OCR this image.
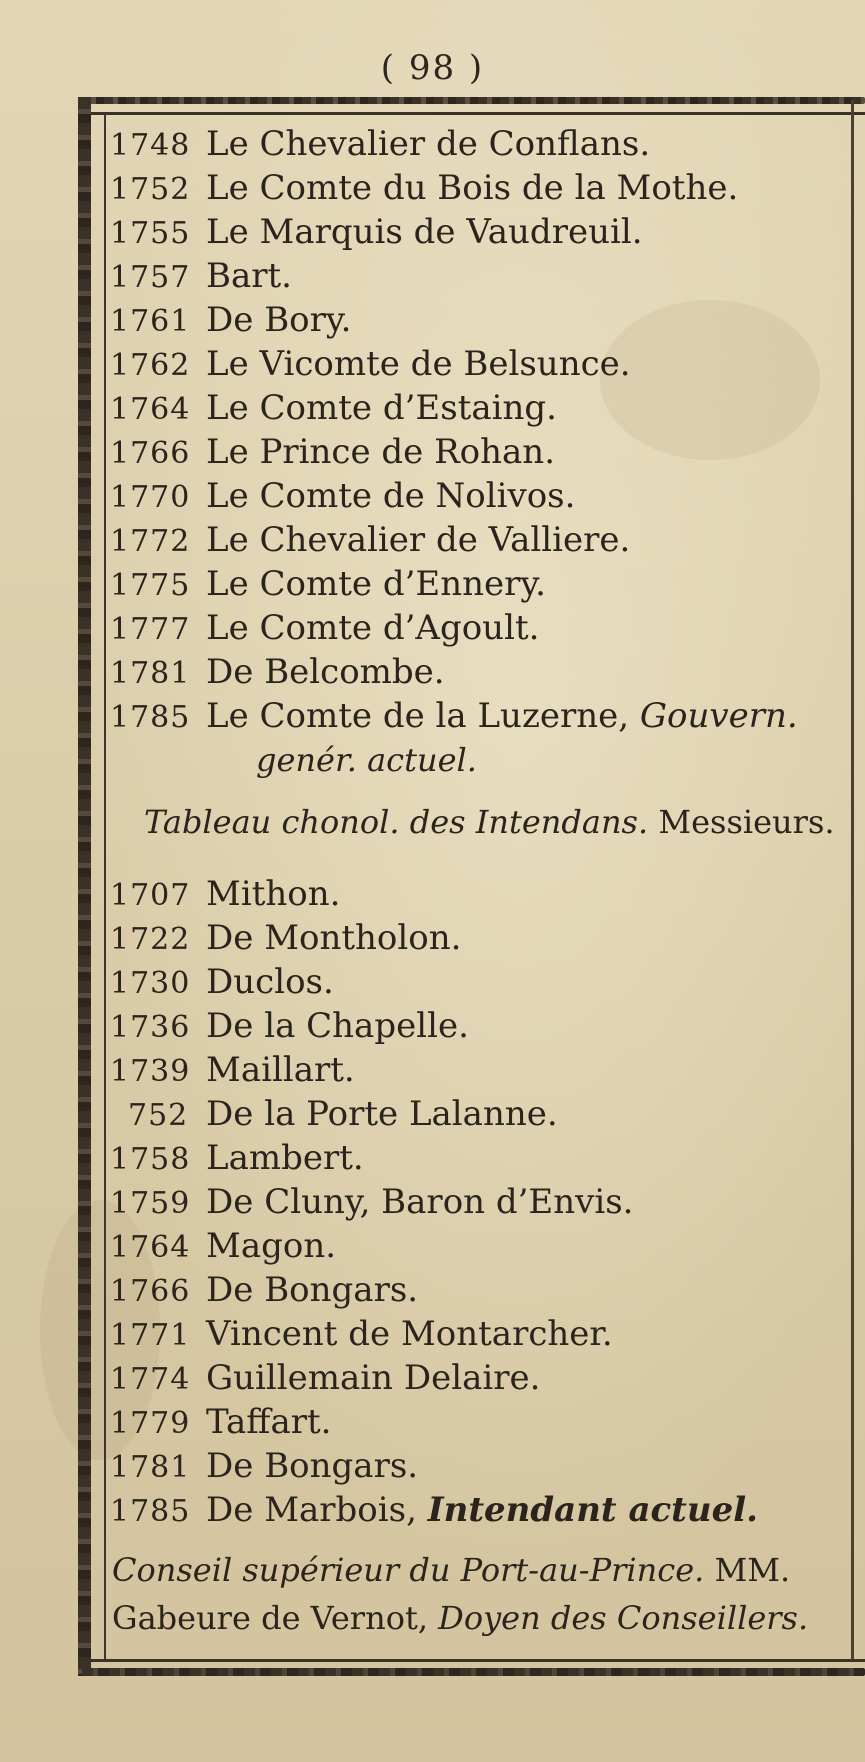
( 98 )
1748 Le Chevalier de Conflans.
1752 Le Comte du Bois de la Mothe.
1755 Le Marquis de Vaudreuil.
1757 Bart.
1761 De Bory.
1762 Le Vicomte de Belsunce.
1764 Le Comte d’Estaing.
1766 Le Prince de Rohan.
1770 Le Comte de Nolivos.
1772 Le Chevalier de Valliere.
1775 Le Comte d’Ennery.
1777 Le Comte d’Agoult.
1781 De Belcombe.
1785 Le Comte de la Luzerne, Gouvern.
genér. actuel.
Tableau chonol. des Intendans. Messieurs.
1707 Mithon.
1722 De Montholon.
1730 Duclos.
1736 De la Chapelle.
1739 Maillart.
752 De la Porte Lalanne.
1758 Lambert.
1759 De Cluny, Baron d’Envis.
1764 Magon.
1766 De Bongars.
1771 Vincent de Montarcher.
1774 Guillemain Delaire.
1779 Taffart.
1781 De Bongars.
1785 De Marbois, Intendant actuel.
Conseil supérieur du Port-au-Prince. MM.
Gabeure de Vernot, Doyen des Conseillers.
